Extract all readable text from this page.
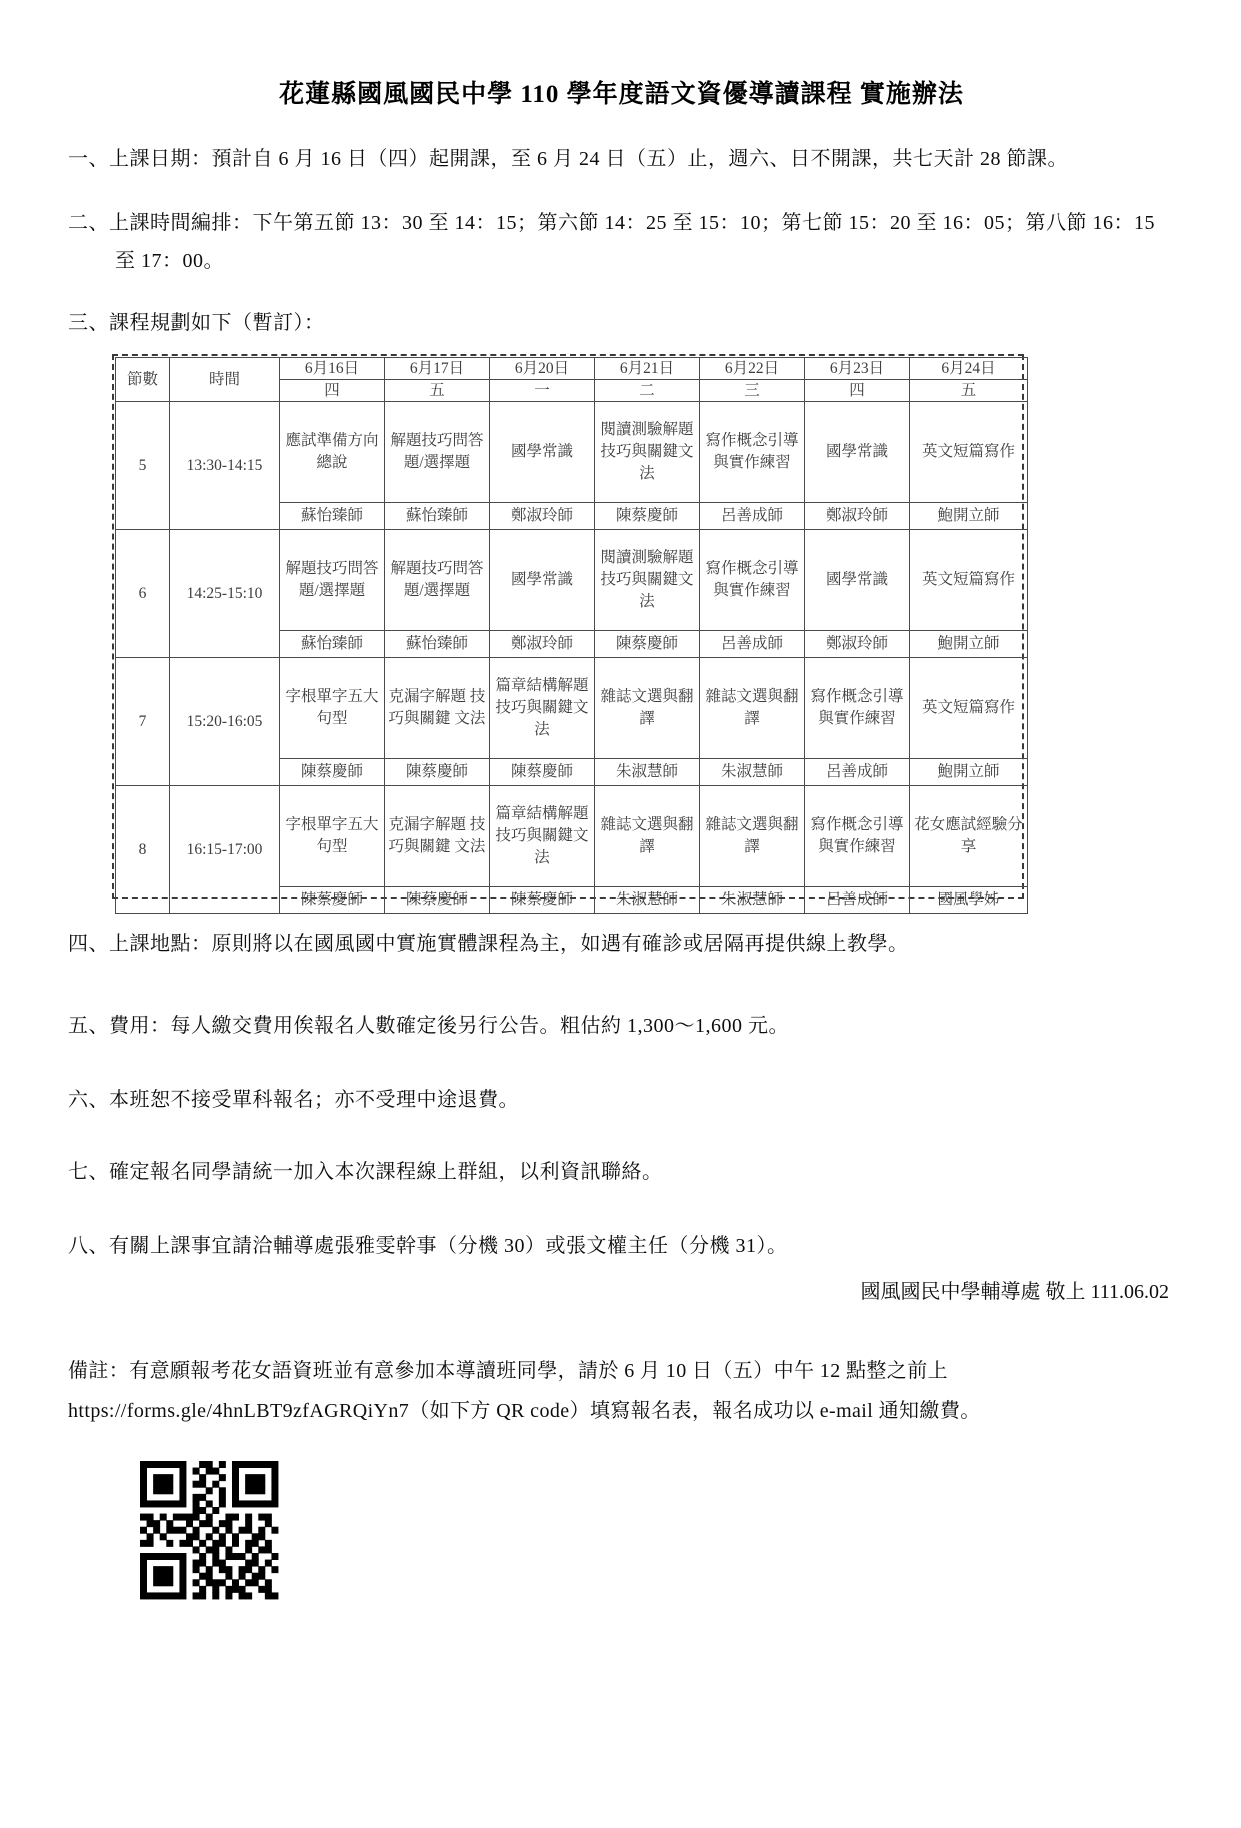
花蓮縣國風國民中學 110 學年度語文資優導讀課程 實施辦法
一、上課日期：預計自 6 月 16 日（四）起開課，至 6 月 24 日（五）止，週六、日不開課，共七天計 28 節課。
二、上課時間編排：下午第五節 13：30 至 14：15；第六節 14：25 至 15：10；第七節 15：20 至 16：05；第八節 16：15 至 17：00。
三、課程規劃如下（暫訂）：
節數	時間	6月16日	6月17日	6月20日	6月21日	6月22日	6月23日	6月24日
		四	五	一	二	三	四	五
5	13:30-14:15	應試準備方向總說	解題技巧問答題/選擇題	國學常識	閱讀測驗解題技巧與關鍵文法	寫作概念引導與實作練習	國學常識	英文短篇寫作
		蘇怡臻師	蘇怡臻師	鄭淑玲師	陳蔡慶師	呂善成師	鄭淑玲師	鮑開立師
6	14:25-15:10	解題技巧問答題/選擇題	解題技巧問答題/選擇題	國學常識	閱讀測驗解題技巧與關鍵文法	寫作概念引導與實作練習	國學常識	英文短篇寫作
		蘇怡臻師	蘇怡臻師	鄭淑玲師	陳蔡慶師	呂善成師	鄭淑玲師	鮑開立師
7	15:20-16:05	字根單字五大句型	克漏字解題 技巧與關鍵 文法	篇章結構解題技巧與關鍵文法	雜誌文選與翻譯	雜誌文選與翻譯	寫作概念引導與實作練習	英文短篇寫作
		陳蔡慶師	陳蔡慶師	陳蔡慶師	朱淑慧師	朱淑慧師	呂善成師	鮑開立師
8	16:15-17:00	字根單字五大句型	克漏字解題 技巧與關鍵 文法	篇章結構解題技巧與關鍵文法	雜誌文選與翻譯	雜誌文選與翻譯	寫作概念引導與實作練習	花女應試經驗分享
		陳蔡慶師	陳蔡慶師	陳蔡慶師	朱淑慧師	朱淑慧師	呂善成師	國風學姊
四、上課地點：原則將以在國風國中實施實體課程為主，如遇有確診或居隔再提供線上教學。
五、費用：每人繳交費用俟報名人數確定後另行公告。粗估約 1,300～1,600 元。
六、本班恕不接受單科報名；亦不受理中途退費。
七、確定報名同學請統一加入本次課程線上群組，以利資訊聯絡。
八、有關上課事宜請洽輔導處張雅雯幹事（分機 30）或張文權主任（分機 31）。
國風國民中學輔導處 敬上 111.06.02
備註：有意願報考花女語資班並有意參加本導讀班同學，請於 6 月 10 日（五）中午 12 點整之前上 https://forms.gle/4hnLBT9zfAGRQiYn7（如下方 QR code）填寫報名表，報名成功以 e-mail 通知繳費。
